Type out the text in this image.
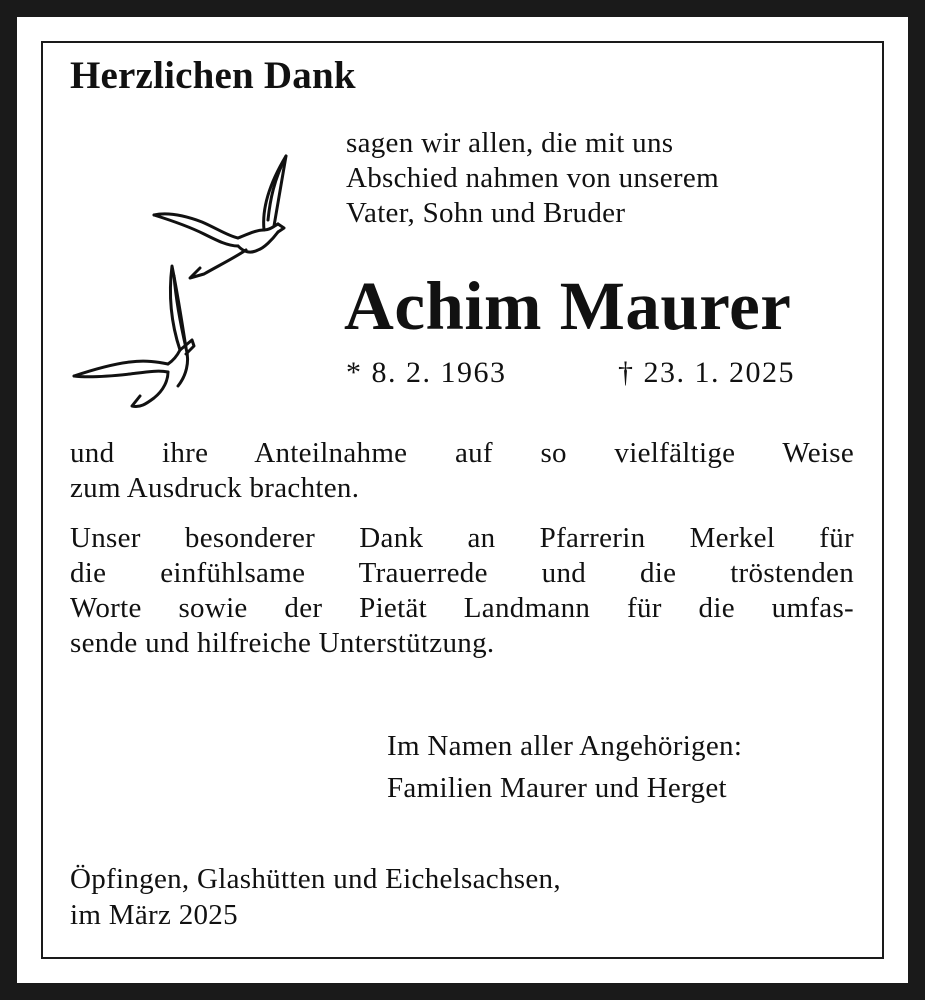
Herzlichen Dank
sagen wir allen, die mit uns
Abschied nahmen von unserem
Vater, Sohn und Bruder
Achim Maurer
* 8. 2. 1963	† 23. 1. 2025
und ihre Anteilnahme auf so vielfältige Weise
zum Ausdruck brachten.
Unser besonderer Dank an Pfarrerin Merkel für
die einfühlsame Trauerrede und die tröstenden
Worte sowie der Pietät Landmann für die umfas-
sende und hilfreiche Unterstützung.
Im Namen aller Angehörigen:
Familien Maurer und Herget
Öpfingen, Glashütten und Eichelsachsen,
im März 2025
